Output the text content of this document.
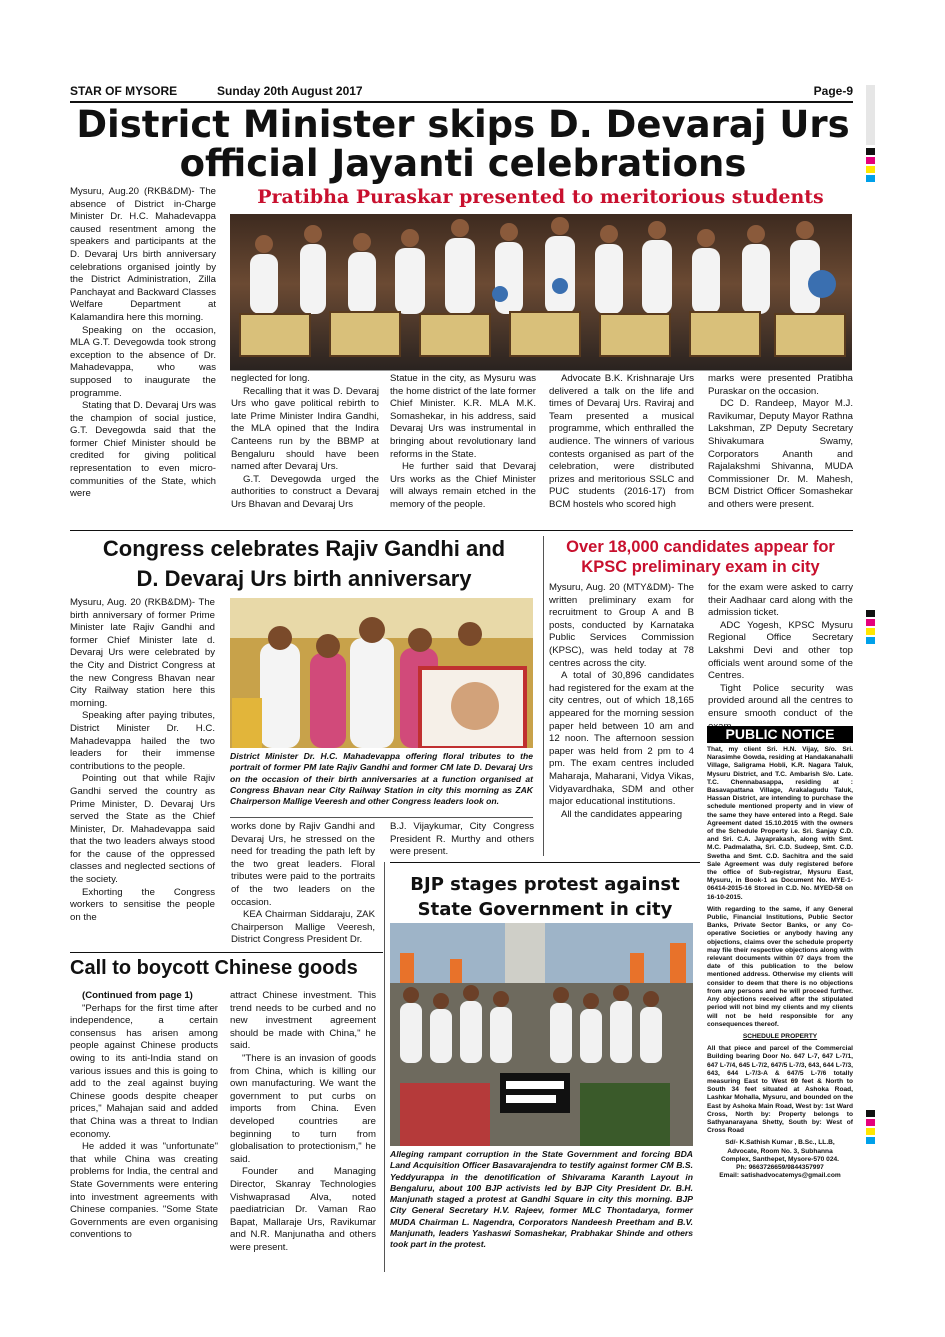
STAR OF MYSORE	Sunday 20th August 2017	Page-9
District Minister skips D. Devaraj Urs
official Jayanti celebrations

Mysuru, Aug.20 (RKB&DM)- The absence of District in-Charge Minister Dr. H.C. Mahadevappa caused resentment among the speakers and participants at the D. Devaraj Urs birth anniversary celebrations organised jointly by the District Administration, Zilla Panchayat and Backward Classes Welfare Department at Kalamandira here this morning.

Speaking on the occasion, MLA G.T. Devegowda took strong exception to the absence of Dr. Mahadevappa, who was supposed to inaugurate the programme.

Stating that D. Devaraj Urs was the champion of social justice, G.T. Devegowda said that the former Chief Minister should be credited for giving political representation to even micro-communities of the State, which were

Pratibha Puraskar presented to meritorious students

neglected for long.

Recalling that it was D. Devaraj Urs who gave political rebirth to late Prime Minister Indira Gandhi, the MLA opined that the Indira Canteens run by the BBMP at Bengaluru should have been named after Devaraj Urs.

G.T. Devegowda urged the authorities to construct a Devaraj Urs Bhavan and Devaraj Urs

Statue in the city, as Mysuru was the home district of the late former Chief Minister. K.R. MLA M.K. Somashekar, in his address, said Devaraj Urs was instrumental in bringing about revolutionary land reforms in the State.

He further said that Devaraj Urs works as the Chief Minister will always remain etched in the memory of the people.

Advocate B.K. Krishnaraje Urs delivered a talk on the life and times of Devaraj Urs. Raviraj and Team presented a musical programme, which enthralled the audience. The winners of various contests organised as part of the celebration, were distributed prizes and meritorious SSLC and PUC students (2016-17) from BCM hostels who scored high

marks were presented Pratibha Puraskar on the occasion.

DC D. Randeep, Mayor M.J. Ravikumar, Deputy Mayor Rathna Lakshman, ZP Deputy Secretary Shivakumara Swamy, Corporators Ananth and Rajalakshmi Shivanna, MUDA Commissioner Dr. M. Mahesh, BCM District Officer Somashekar and others were present.

Congress celebrates Rajiv Gandhi and
D. Devaraj Urs birth anniversary
Over 18,000 candidates appear for
KPSC preliminary exam in city

Mysuru, Aug. 20 (RKB&DM)- The birth anniversary of former Prime Minister late Rajiv Gandhi and former Chief Minister late d. Devaraj Urs were celebrated by the City and District Congress at the new Congress Bhavan near City Railway station here this morning.

Speaking after paying tributes, District Minister Dr. H.C. Mahadevappa hailed the two leaders for their immense contributions to the people.

Pointing out that while Rajiv Gandhi served the country as Prime Minister, D. Devaraj Urs served the State as the Chief Minister, Dr. Mahadevappa said that the two leaders always stood for the cause of the oppressed classes and neglected sections of the society.

Exhorting the Congress workers to sensitise the people on the

District Minister Dr. H.C. Mahadevappa offering floral tributes to the portrait of former PM late Rajiv Gandhi and former CM late D. Devaraj Urs on the occasion of their birth anniversaries at a function organised at Congress Bhavan near City Railway Station in city this morning as ZAK Chairperson Mallige Veeresh and other Congress leaders look on.

works done by Rajiv Gandhi and Devaraj Urs, he stressed on the need for treading the path left by the two great leaders. Floral tributes were paid to the portraits of the two leaders on the occasion.

KEA Chairman Siddaraju, ZAK Chairperson Mallige Veeresh, District Congress President Dr.

B.J. Vijaykumar, City Congress President R. Murthy and others were present.

Mysuru, Aug. 20 (MTY&DM)- The written preliminary exam for recruitment to Group A and B posts, conducted by Karnataka Public Services Commission (KPSC), was held today at 78 centres across the city.

A total of 30,896 candidates had registered for the exam at the city centres, out of which 18,165 appeared for the morning session paper held between 10 am and 12 noon. The afternoon session paper was held from 2 pm to 4 pm. The exam centres included Maharaja, Maharani, Vidya Vikas, Vidyavardhaka, SDM and other major educational institutions.

All the candidates appearing

for the exam were asked to carry their Aadhaar card along with the admission ticket.

ADC Yogesh, KPSC Mysuru Regional Office Secretary Lakshmi Devi and other top officials went around some of the Centres.

Tight Police security was provided around all the centres to ensure smooth conduct of the

PUBLIC NOTICE

That, my client Sri. H.N. Vijay, S/o. Sri. Narasimhe Gowda, residing at Handakanahalli Village, Saligrama Hobli, K.R. Nagara Taluk, Mysuru District, and T.C. Ambarish S/o. Late. T.C. Chennabasappa, residing at : Basavapattana Village, Arakalagudu Taluk, Hassan District, are intending to purchase the schedule mentioned property and in view of the same they have entered into a Regd. Sale Agreement dated 15.10.2015 with the owners of the Schedule Property i.e. Sri. Sanjay C.D. and Sri. C.A. Jayaprakash, along with Smt. M.C. Padmalatha, Sri. C.D. Sudeep, Smt. C.D. Swetha and Smt. C.D. Sachitra and the said Sale Agreement was duly registered before the office of Sub-registrar, Mysuru East, Mysuru, in Book-1 as Document No. MYE-1-06414-2015-16 Stored in C.D. No. MYED-58 on 16-10-2015.

With regarding to the same, if any General Public, Financial Institutions, Public Sector Banks, Private Sector Banks, or any Co-operative Societies or anybody having any objections, claims over the schedule property may file their respective objections along with relevant documents within 07 days from the date of this publication to the below mentioned address. Otherwise my clients will consider to deem that there is no objections from any persons and he will proceed further. Any objections received after the stipulated period will not bind my clients and my clients will not be held responsible for any consequences thereof.

SCHEDULE PROPERTY

All that piece and parcel of the Commercial Building bearing Door No. 647 L-7, 647 L-7/1, 647 L-7/4, 645 L-7/2, 647/5 L-7/3, 643, 644 L-7/3, 643, 644 L-7/3-A & 647/5 L-7/6 totally measuring East to West 69 feet & North to South 34 feet situated at Ashoka Road, Lashkar Mohalla, Mysuru, and bounded on the East by Ashoka Main Road, West by: 1st Ward Cross, North by: Property belongs to Sathyanarayana Shetty, South by: West of Cross Road

Sd/- K.Sathish Kumar , B.Sc., LL.B,
Advocate, Room No. 3, Subhanna
Complex, Santhepet, Mysore-570 024.
Ph: 9663726659/9844357997
Email: satishadvocatemys@gmail.com
Call to boycott Chinese goods

(Continued from page 1)

"Perhaps for the first time after independence, a certain consensus has arisen among people against Chinese products owing to its anti-India stand on various issues and this is going to add to the zeal against buying Chinese goods despite cheaper prices," Mahajan said and added that China was a threat to Indian economy.

He added it was "unfortunate" that while China was creating problems for India, the central and State Governments were entering into investment agreements with Chinese companies. "Some State Governments are even organising conventions to

attract Chinese investment. This trend needs to be curbed and no new investment agreement should be made with China," he said.

"There is an invasion of goods from China, which is killing our own manufacturing. We want the government to put curbs on imports from China. Even developed countries are beginning to turn from globalisation to protectionism," he said.

Founder and Managing Director, Skanray Technologies Vishwaprasad Alva, noted paediatrician Dr. Vaman Rao Bapat, Mallaraje Urs, Ravikumar and N.R. Manjunatha and others were present.

BJP stages protest against
State Government in city
Alleging rampant corruption in the State Government and forcing BDA Land Acquisition Officer Basavarajendra to testify against former CM B.S. Yeddyurappa in the denotification of Shivarama Karanth Layout in Bengaluru, about 100 BJP activists led by BJP City President Dr. B.H. Manjunath staged a protest at Gandhi Square in city this morning. BJP City General Secretary H.V. Rajeev, former MLC Thontadarya, former MUDA Chairman L. Nagendra, Corporators Nandeesh Preetham and B.V. Manjunath, leaders Yashaswi Somashekar, Prabhakar Shinde and others took part in the protest.
